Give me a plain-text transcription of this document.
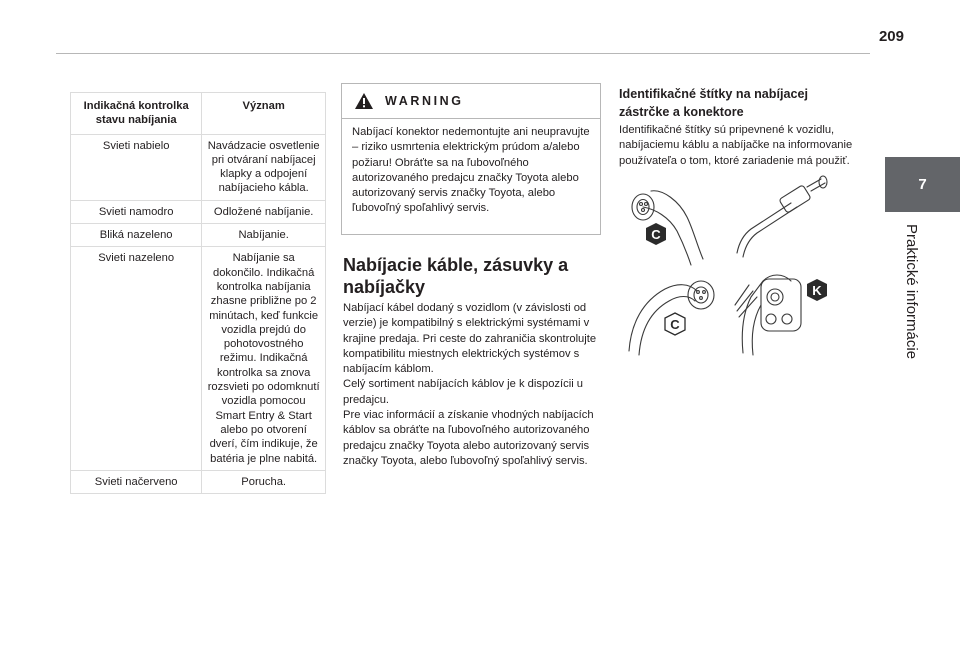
209
7
Praktické informácie
Indikačná kontrolka stavu nabíjania	Význam
Svieti nabielo	Navádzacie osvetlenie pri otváraní nabíjacej klapky a odpojení nabíjacieho kábla.
Svieti namodro	Odložené nabíjanie.
Bliká nazeleno	Nabíjanie.
Svieti nazeleno	Nabíjanie sa dokončilo. Indikačná kontrolka nabíjania zhasne približne po 2 minútach, keď funkcie vozidla prejdú do pohotovostného režimu. Indikačná kontrolka sa znova rozsvieti po odomknutí vozidla pomocou Smart Entry & Start alebo po otvorení dverí, čím indikuje, že batéria je plne nabitá.
Svieti načerveno	Porucha.
WARNING
Nabíjací konektor nedemontujte ani neupravujte – riziko usmrtenia elektrickým prúdom a/alebo požiaru! Obráťte sa na ľubovoľného autorizovaného predajcu značky Toyota alebo autorizovaný servis značky Toyota, alebo ľubovoľný spoľahlivý servis.
Nabíjacie káble, zásuvky a nabíjačky

Nabíjací kábel dodaný s vozidlom (v závislosti od verzie) je kompatibilný s elektrickými systémami v krajine predaja. Pri ceste do zahraničia skontrolujte kompatibilitu miestnych elektrických systémov s nabíjacím káblom.

Celý sortiment nabíjacích káblov je k dispozícii u predajcu.

Pre viac informácií a získanie vhodných nabíjacích káblov sa obráťte na ľubovoľného autorizovaného predajcu značky Toyota alebo autorizovaný servis značky Toyota, alebo ľubovoľný spoľahlivý servis.

Identifikačné štítky na nabíjacej zástrčke a konektore
Identifikačné štítky sú pripevnené k vozidlu, nabíjaciemu káblu a nabíjačke na informovanie používateľa o tom, ktoré zariadenie má použiť.
C
C
K
